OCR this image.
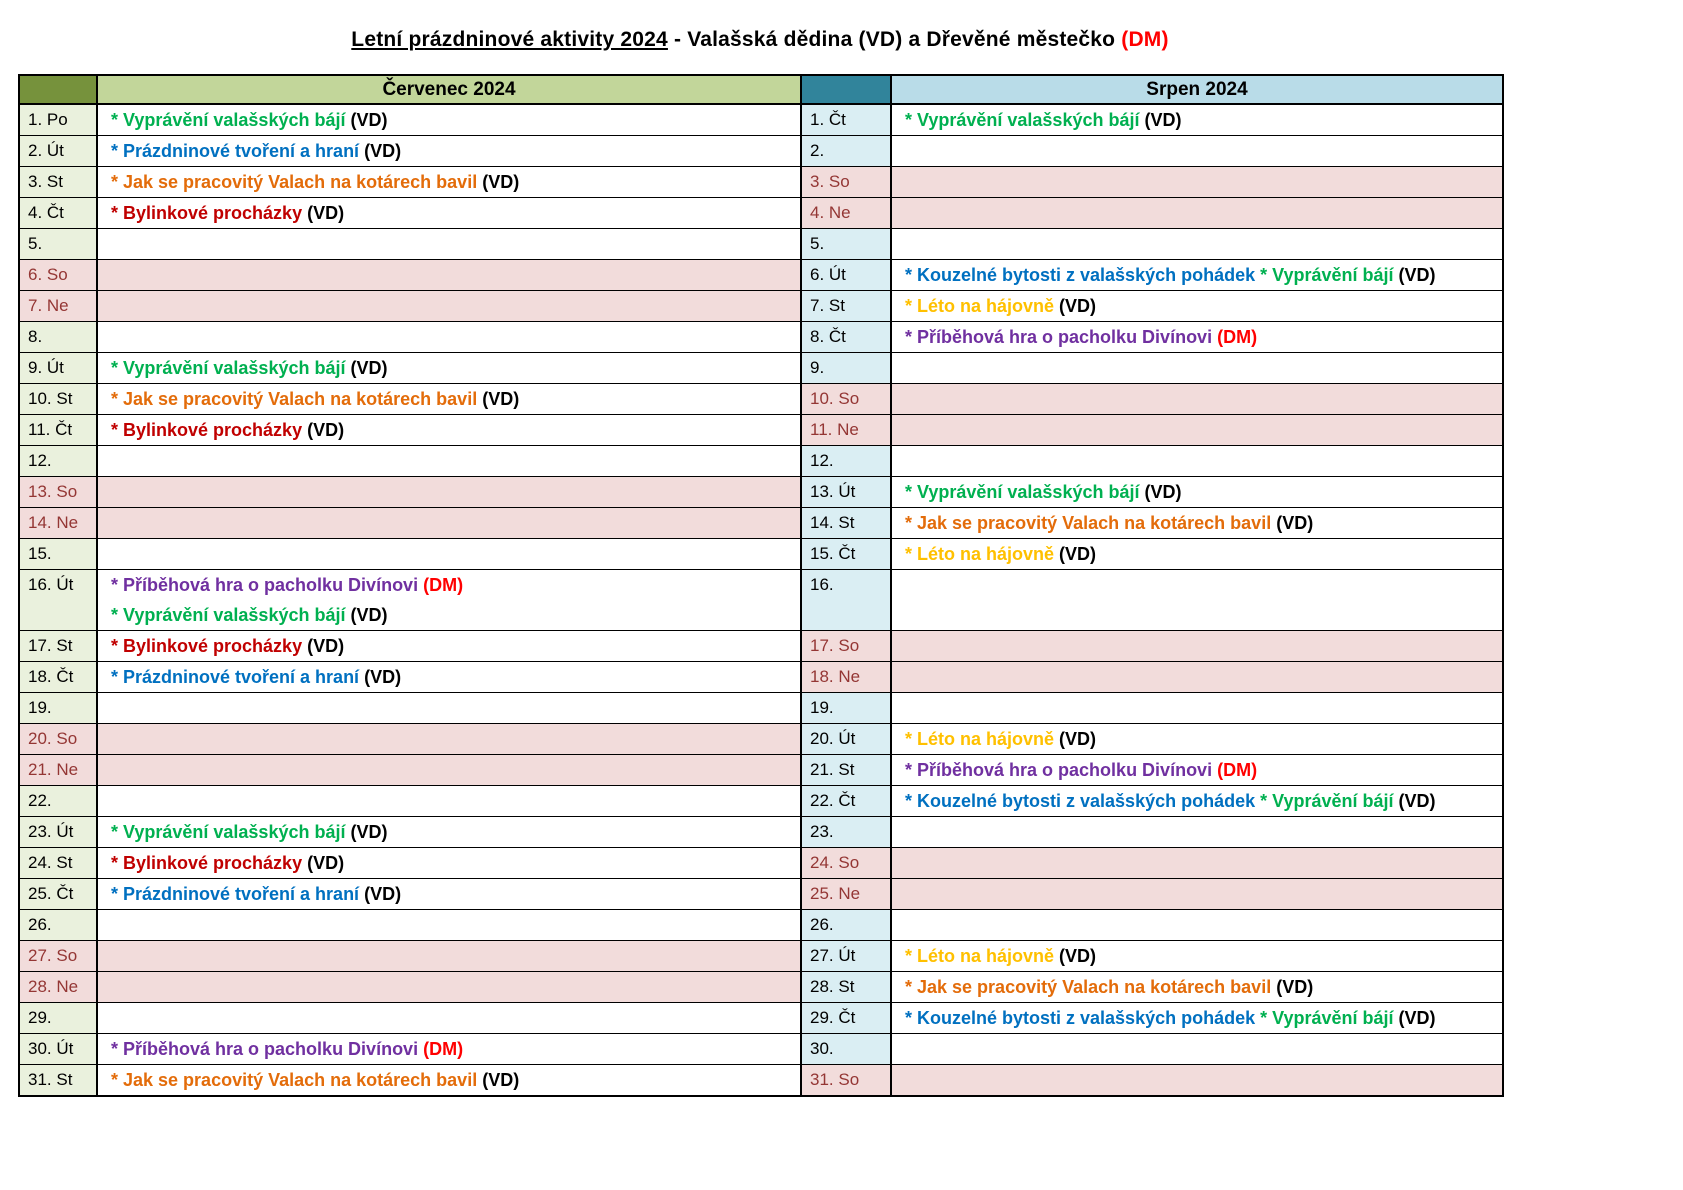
Letní prázdninové aktivity 2024 - Valašská dědina (VD) a Dřevěné městečko (DM)
	Červenec 2024		Srpen 2024
1. Po	* Vyprávění valašských bájí (VD)	1. Čt	* Vyprávění valašských bájí (VD)

2. Út	* Prázdninové tvoření a hraní (VD)	2.	
3. St	* Jak se pracovitý Valach na kotárech bavil (VD)	3. So	
4. Čt	* Bylinkové procházky (VD)	4. Ne	
5.		5.	
6. So		6. Út	* Kouzelné bytosti z valašských pohádek * Vyprávění bájí (VD)

7. Ne		7. St	* Léto na hájovně (VD)

8.		8. Čt	* Příběhová hra o pacholku Divínovi (DM)

9. Út	* Vyprávění valašských bájí (VD)	9.	
10. St	* Jak se pracovitý Valach na kotárech bavil (VD)	10. So	
11. Čt	* Bylinkové procházky (VD)	11. Ne	
12.		12.	
13. So		13. Út	* Vyprávění valašských bájí (VD)

14. Ne		14. St	* Jak se pracovitý Valach na kotárech bavil (VD)

15.		15. Čt	* Léto na hájovně (VD)

16. Út	* Příběhová hra o pacholku Divínovi (DM)
* Vyprávění valašských bájí (VD)	16.	
17. St	* Bylinkové procházky (VD)	17. So	
18. Čt	* Prázdninové tvoření a hraní (VD)	18. Ne	
19.		19.	
20. So		20. Út	* Léto na hájovně (VD)

21. Ne		21. St	* Příběhová hra o pacholku Divínovi (DM)

22.		22. Čt	* Kouzelné bytosti z valašských pohádek * Vyprávění bájí (VD)

23. Út	* Vyprávění valašských bájí (VD)	23.	
24. St	* Bylinkové procházky (VD)	24. So	
25. Čt	* Prázdninové tvoření a hraní (VD)	25. Ne	
26.		26.	
27. So		27. Út	* Léto na hájovně (VD)

28. Ne		28. St	* Jak se pracovitý Valach na kotárech bavil (VD)

29.		29. Čt	* Kouzelné bytosti z valašských pohádek * Vyprávění bájí (VD)

30. Út	* Příběhová hra o pacholku Divínovi (DM)	30.	
31. St	* Jak se pracovitý Valach na kotárech bavil (VD)	31. So	
